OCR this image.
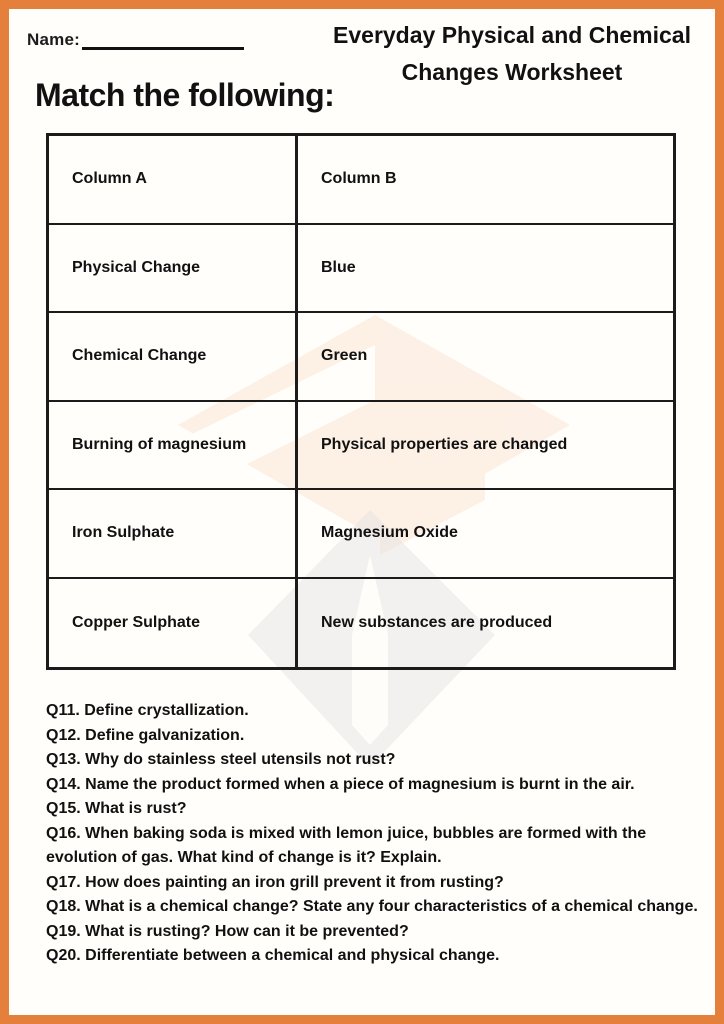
Name:	Everyday Physical and Chemical Changes Worksheet
Match the following:
Column A	Column B
Physical Change	Blue
Chemical Change	Green
Burning of magnesium	Physical properties are changed
Iron Sulphate	Magnesium Oxide
Copper Sulphate	New substances are produced
Q11. Define crystallization.
Q12. Define galvanization.
Q13. Why do stainless steel utensils not rust?
Q14. Name the product formed when a piece of magnesium is burnt in the air.
Q15. What is rust?
Q16. When baking soda is mixed with lemon juice, bubbles are formed with the evolution of gas. What kind of change is it? Explain.
Q17. How does painting an iron grill prevent it from rusting?
Q18. What is a chemical change? State any four characteristics of a chemical change.
Q19. What is rusting? How can it be prevented?
Q20. Differentiate between a chemical and physical change.
